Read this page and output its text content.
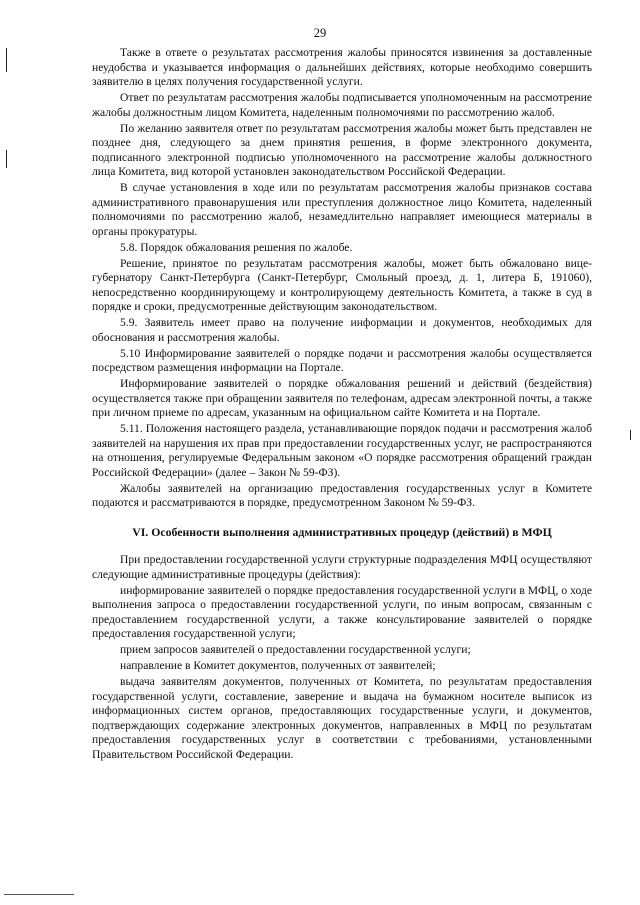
29

Также в ответе о результатах рассмотрения жалобы приносятся извинения за доставленные неудобства и указывается информация о дальнейших действиях, которые необходимо совершить заявителю в целях получения государственной услуги.

Ответ по результатам рассмотрения жалобы подписывается уполномоченным на рассмотрение жалобы должностным лицом Комитета, наделенным полномочиями по рассмотрению жалоб.

По желанию заявителя ответ по результатам рассмотрения жалобы может быть представлен не позднее дня, следующего за днем принятия решения, в форме электронного документа, подписанного электронной подписью уполномоченного на рассмотрение жалобы должностного лица Комитета, вид которой установлен законодательством Российской Федерации.

В случае установления в ходе или по результатам рассмотрения жалобы признаков состава административного правонарушения или преступления должностное лицо Комитета, наделенный полномочиями по рассмотрению жалоб, незамедлительно направляет имеющиеся материалы в органы прокуратуры.

5.8. Порядок обжалования решения по жалобе.

Решение, принятое по результатам рассмотрения жалобы, может быть обжаловано вице-губернатору Санкт-Петербурга (Санкт-Петербург, Смольный проезд, д. 1, литера Б, 191060), непосредственно координирующему и контролирующему деятельность Комитета, а также в суд в порядке и сроки, предусмотренные действующим законодательством.

5.9. Заявитель имеет право на получение информации и документов, необходимых для обоснования и рассмотрения жалобы.

5.10 Информирование заявителей о порядке подачи и рассмотрения жалобы осуществляется посредством размещения информации на Портале.

Информирование заявителей о порядке обжалования решений и действий (бездействия) осуществляется также при обращении заявителя по телефонам, адресам электронной почты, а также при личном приеме по адресам, указанным на официальном сайте Комитета и на Портале.

5.11. Положения настоящего раздела, устанавливающие порядок подачи и рассмотрения жалоб заявителей на нарушения их прав при предоставлении государственных услуг, не распространяются на отношения, регулируемые Федеральным законом «О порядке рассмотрения обращений граждан Российской Федерации» (далее – Закон № 59-ФЗ).

Жалобы заявителей на организацию предоставления государственных услуг в Комитете подаются и рассматриваются в порядке, предусмотренном Законом № 59-ФЗ.

VI. Особенности выполнения административных процедур (действий) в МФЦ

При предоставлении государственной услуги структурные подразделения МФЦ осуществляют следующие административные процедуры (действия):

информирование заявителей о порядке предоставления государственной услуги в МФЦ, о ходе выполнения запроса о предоставлении государственной услуги, по иным вопросам, связанным с предоставлением государственной услуги, а также консультирование заявителей о порядке предоставления государственной услуги;

прием запросов заявителей о предоставлении государственной услуги;

направление в Комитет документов, полученных от заявителей;

выдача заявителям документов, полученных от Комитета, по результатам предоставления государственной услуги, составление, заверение и выдача на бумажном носителе выписок из информационных систем органов, предоставляющих государственные услуги, и документов, подтверждающих содержание электронных документов, направленных в МФЦ по результатам предоставления государственных услуг в соответствии с требованиями, установленными Правительством Российской Федерации.
